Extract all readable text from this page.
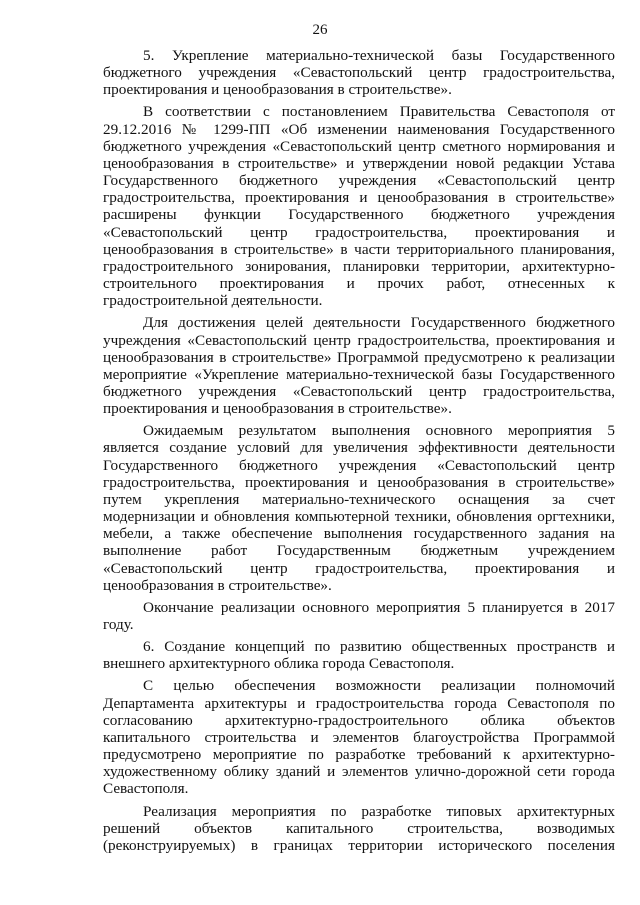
26

5. Укрепление материально-технической базы Государственного бюджетного учреждения «Севастопольский центр градостроительства, проектирования и ценообразования в строительстве».

В соответствии с постановлением Правительства Севастополя от 29.12.2016 № 1299-ПП «Об изменении наименования Государственного бюджетного учреждения «Севастопольский центр сметного нормирования и ценообразования в строительстве» и утверждении новой редакции Устава Государственного бюджетного учреждения «Севастопольский центр градостроительства, проектирования и ценообразования в строительстве» расширены функции Государственного бюджетного учреждения «Севастопольский центр градостроительства, проектирования и ценообразования в строительстве» в части территориального планирования, градостроительного зонирования, планировки территории, архитектурно-строительного проектирования и прочих работ, отнесенных к градостроительной деятельности.

Для достижения целей деятельности Государственного бюджетного учреждения «Севастопольский центр градостроительства, проектирования и ценообразования в строительстве» Программой предусмотрено к реализации мероприятие «Укрепление материально-технической базы Государственного бюджетного учреждения «Севастопольский центр градостроительства, проектирования и ценообразования в строительстве».

Ожидаемым результатом выполнения основного мероприятия 5 является создание условий для увеличения эффективности деятельности Государственного бюджетного учреждения «Севастопольский центр градостроительства, проектирования и ценообразования в строительстве» путем укрепления материально-технического оснащения за счет модернизации и обновления компьютерной техники, обновления оргтехники, мебели, а также обеспечение выполнения государственного задания на выполнение работ Государственным бюджетным учреждением «Севастопольский центр градостроительства, проектирования и ценообразования в строительстве».

Окончание реализации основного мероприятия 5 планируется в 2017 году.

6. Создание концепций по развитию общественных пространств и внешнего архитектурного облика города Севастополя.

С целью обеспечения возможности реализации полномочий Департамента архитектуры и градостроительства города Севастополя по согласованию архитектурно-градостроительного облика объектов капитального строительства и элементов благоустройства Программой предусмотрено мероприятие по разработке требований к архитектурно-художественному облику зданий и элементов улично-дорожной сети города Севастополя.

Реализация мероприятия по разработке типовых архитектурных решений объектов капитального строительства, возводимых (реконструируемых) в границах территории исторического поселения
